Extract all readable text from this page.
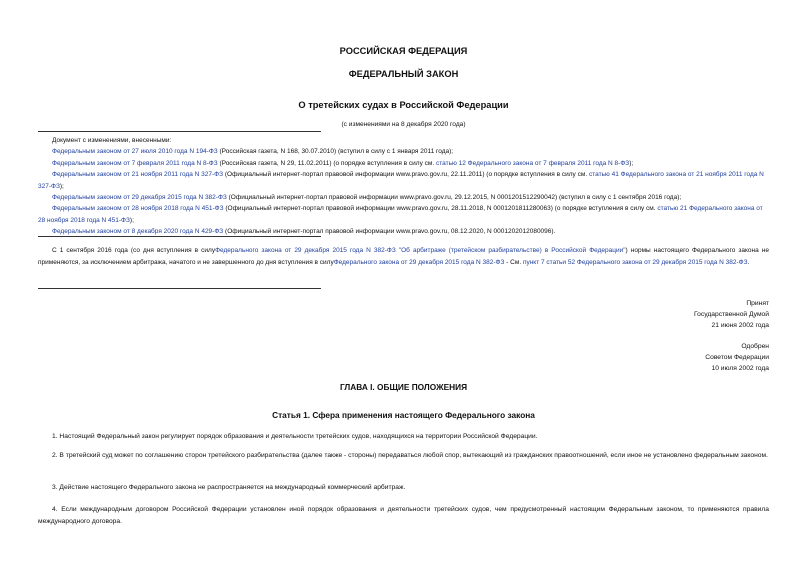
РОССИЙСКАЯ ФЕДЕРАЦИЯ
ФЕДЕРАЛЬНЫЙ ЗАКОН
О третейских судах в Российской Федерации
(с изменениями на 8 декабря 2020 года)
Документ с изменениями, внесенными:
Федеральным законом от 27 июля 2010 года N 194-ФЗ (Российская газета, N 168, 30.07.2010) (вступил в силу с 1 января 2011 года);
Федеральным законом от 7 февраля 2011 года N 8-ФЗ (Российская газета, N 29, 11.02.2011) (о порядке вступления в силу см. статью 12 Федерального закона от 7 февраля 2011 года N 8-ФЗ);
Федеральным законом от 21 ноября 2011 года N 327-ФЗ (Официальный интернет-портал правовой информации www.pravo.gov.ru, 22.11.2011) (о порядке вступления в силу см. статью 41 Федерального закона от 21 ноября 2011 года N 327-ФЗ);
Федеральным законом от 29 декабря 2015 года N 382-ФЗ (Официальный интернет-портал правовой информации www.pravo.gov.ru, 29.12.2015, N 0001201512290042) (вступил в силу с 1 сентября 2016 года);
Федеральным законом от 28 ноября 2018 года N 451-ФЗ (Официальный интернет-портал правовой информации www.pravo.gov.ru, 28.11.2018, N 0001201811280063) (о порядке вступления в силу см. статью 21 Федерального закона от 28 ноября 2018 года N 451-ФЗ);
Федеральным законом от 8 декабря 2020 года N 429-ФЗ (Официальный интернет-портал правовой информации www.pravo.gov.ru, 08.12.2020, N 0001202012080096).
С 1 сентября 2016 года (со дня вступления в силуФедерального закона от 29 декабря 2015 года N 382-ФЗ "Об арбитраже (третейском разбирательстве) в Российской Федерации") нормы настоящего Федерального закона не применяются, за исключением арбитража, начатого и не завершенного до дня вступления в силуФедерального закона от 29 декабря 2015 года N 382-ФЗ - См. пункт 7 статьи 52 Федерального закона от 29 декабря 2015 года N 382-ФЗ.
Принят
Государственной Думой
21 июня 2002 года
Одобрен
Советом Федерации
10 июля 2002 года
ГЛАВА I. ОБЩИЕ ПОЛОЖЕНИЯ
Статья 1. Сфера применения настоящего Федерального закона
1. Настоящий Федеральный закон регулирует порядок образования и деятельности третейских судов, находящихся на территории Российской Федерации.
2. В третейский суд может по соглашению сторон третейского разбирательства (далее также - стороны) передаваться любой спор, вытекающий из гражданских правоотношений, если иное не установлено федеральным законом.
3. Действие настоящего Федерального закона не распространяется на международный коммерческий арбитраж.
4. Если международным договором Российской Федерации установлен иной порядок образования и деятельности третейских судов, чем предусмотренный настоящим Федеральным законом, то применяются правила международного договора.
